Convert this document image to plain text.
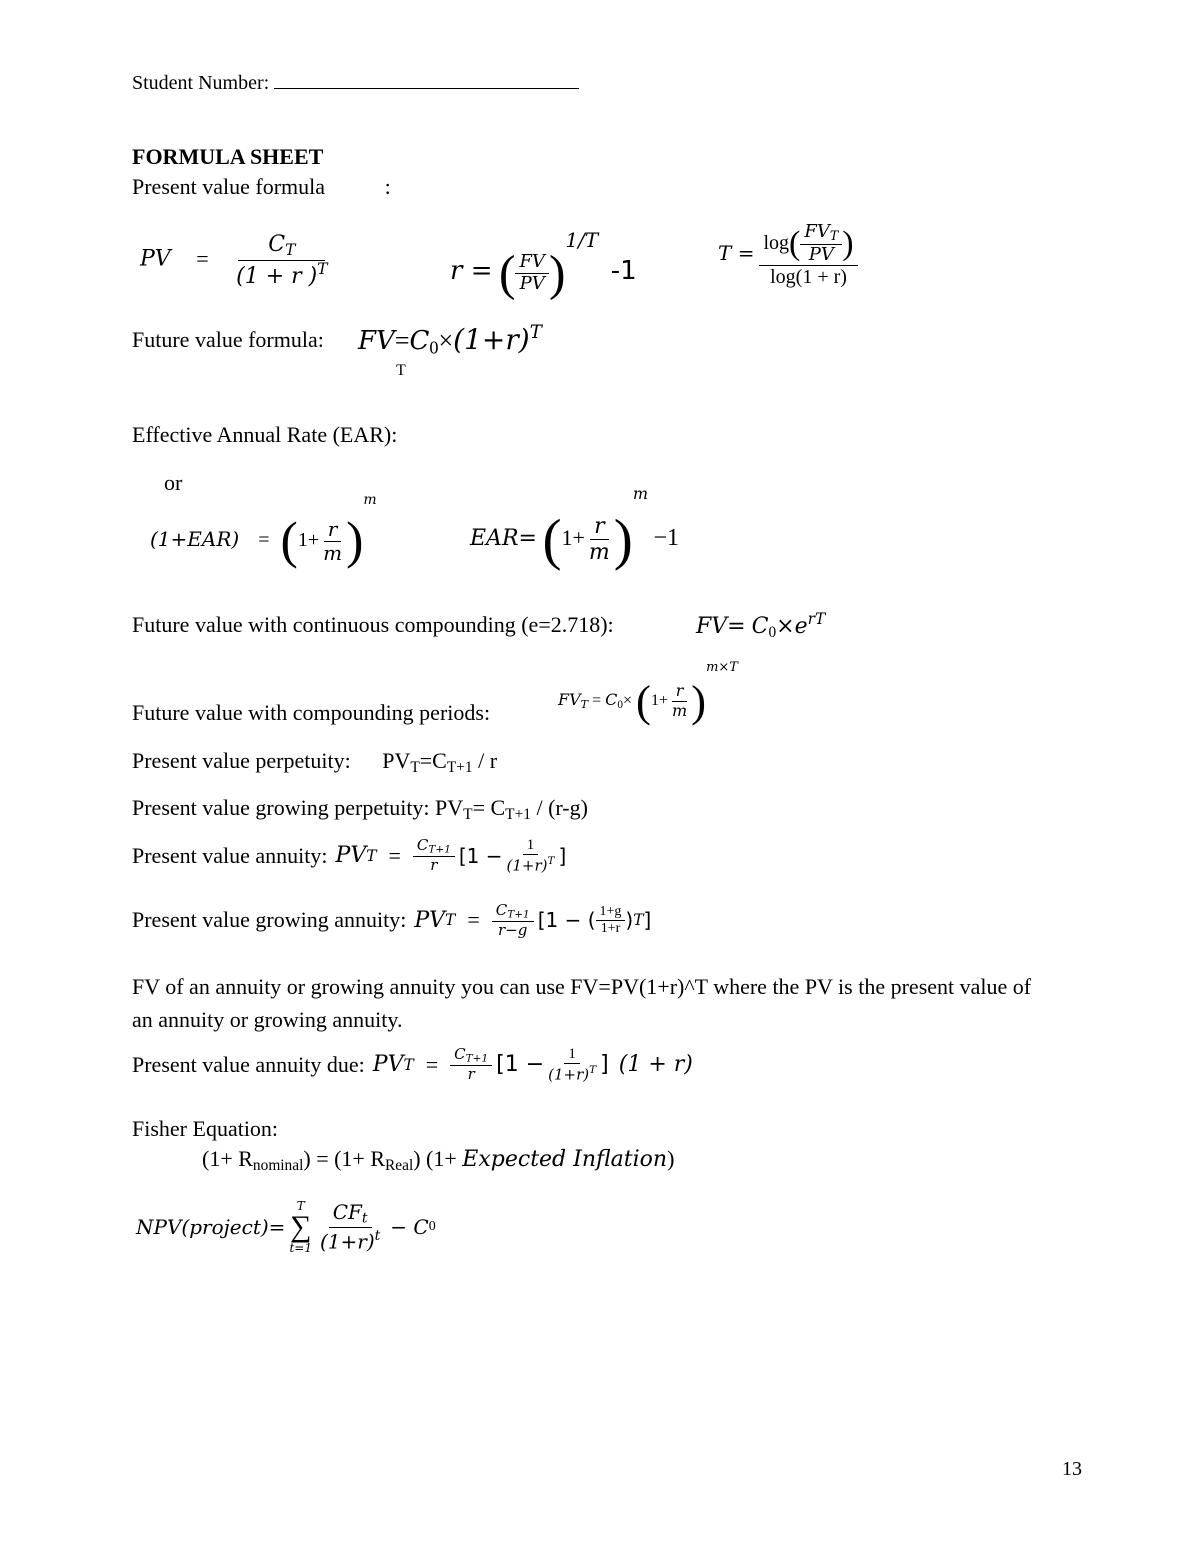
Student Number:
FORMULA SHEET
Present value formula	:
PV = $\frac{C_T}{(1 + r )^T}$	r = ( $\frac{FV}{PV} )^{1/T}$ -1
$T = \frac{\log ( \frac{FV_T}{PV} )}{\log(1 + r)}$
Future value formula: $FV=C_0\times(1+r)^T$
T
Effective Annual Rate (EAR):
or
$(1+EAR) = (1+ \frac{r}{m} )^m$
$EAR= (1+ \frac{r}{m} )^m -1$
Future value with continuous compounding (e=2.718):	$FV= C_0\times e^{rT}$
$FV_T = C_0\times (1+ \frac{r}{m} )^{m\times T}$
Future value with compounding periods:
Present value perpetuity: $PV_T=C_{T+1} / r$
Present value growing perpetuity: $PV_T= C_{T+1} / (r-g)$
Present value annuity: PV $T = \frac{C_{T+1}}{r} [1 - \frac{1}{(1+r)^T}$ ]
Present value growing annuity: PV $T = \frac{C_{T+1}}{r-g} [1$ − ( $\frac{1+g}{1+r}$ ) T ]
FV of an annuity or growing annuity you can use FV=PV(1+r)^T where the PV is the present value of an annuity or growing annuity.
Present value annuity due: PV $T = \frac{C_{T+1}}{r} [1 - \frac{1}{(1+r)^T}$ ] (1 + r)
Fisher Equation:
$(1+ R_{nominal}) = (1+ R_{Real})$ (1+ Expected Inflation)
NPV(project)=
T
∑
$t=1 \frac{CF_t}{(1+r)^t} - C$ 0
13
